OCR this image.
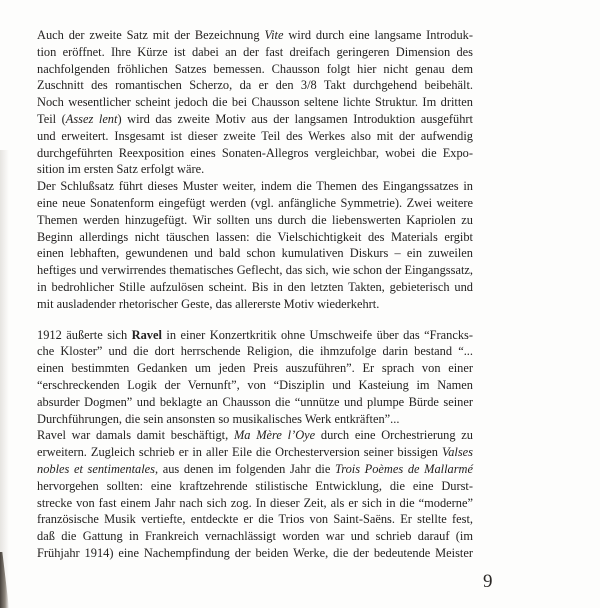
Auch der zweite Satz mit der Bezeichnung Vite wird durch eine langsame Introduk-
tion eröffnet. Ihre Kürze ist dabei an der fast dreifach geringeren Dimension des
nachfolgenden fröhlichen Satzes bemessen. Chausson folgt hier nicht genau dem
Zuschnitt des romantischen Scherzo, da er den 3/8 Takt durchgehend beibehält.
Noch wesentlicher scheint jedoch die bei Chausson seltene lichte Struktur. Im dritten
Teil (Assez lent) wird das zweite Motiv aus der langsamen Introduktion ausgeführt
und erweitert. Insgesamt ist dieser zweite Teil des Werkes also mit der aufwendig
durchgeführten Reexposition eines Sonaten-Allegros vergleichbar, wobei die Expo-
sition im ersten Satz erfolgt wäre.
Der Schlußsatz führt dieses Muster weiter, indem die Themen des Eingangssatzes in
eine neue Sonatenform eingefügt werden (vgl. anfängliche Symmetrie). Zwei weitere
Themen werden hinzugefügt. Wir sollten uns durch die liebenswerten Kapriolen zu
Beginn allerdings nicht täuschen lassen: die Vielschichtigkeit des Materials ergibt
einen lebhaften, gewundenen und bald schon kumulativen Diskurs – ein zuweilen
heftiges und verwirrendes thematisches Geflecht, das sich, wie schon der Eingangssatz,
in bedrohlicher Stille aufzulösen scheint. Bis in den letzten Takten, gebieterisch und
mit ausladender rhetorischer Geste, das allererste Motiv wiederkehrt.
1912 äußerte sich Ravel in einer Konzertkritik ohne Umschweife über das “Francks-
che Kloster” und die dort herrschende Religion, die ihmzufolge darin bestand “...
einen bestimmten Gedanken um jeden Preis auszuführen”. Er sprach von einer
“erschreckenden Logik der Vernunft”, von “Disziplin und Kasteiung im Namen
absurder Dogmen” und beklagte an Chausson die “unnütze und plumpe Bürde seiner
Durchführungen, die sein ansonsten so musikalisches Werk entkräften”...
Ravel war damals damit beschäftigt, Ma Mère l’Oye durch eine Orchestrierung zu
erweitern. Zugleich schrieb er in aller Eile die Orchesterversion seiner bissigen Valses
nobles et sentimentales, aus denen im folgenden Jahr die Trois Poèmes de Mallarmé
hervorgehen sollten: eine kraftzehrende stilistische Entwicklung, die eine Durst-
strecke von fast einem Jahr nach sich zog. In dieser Zeit, als er sich in die “moderne”
französische Musik vertiefte, entdeckte er die Trios von Saint-Saëns. Er stellte fest,
daß die Gattung in Frankreich vernachlässigt worden war und schrieb darauf (im
Frühjahr 1914) eine Nachempfindung der beiden Werke, die der bedeutende Meister
9
